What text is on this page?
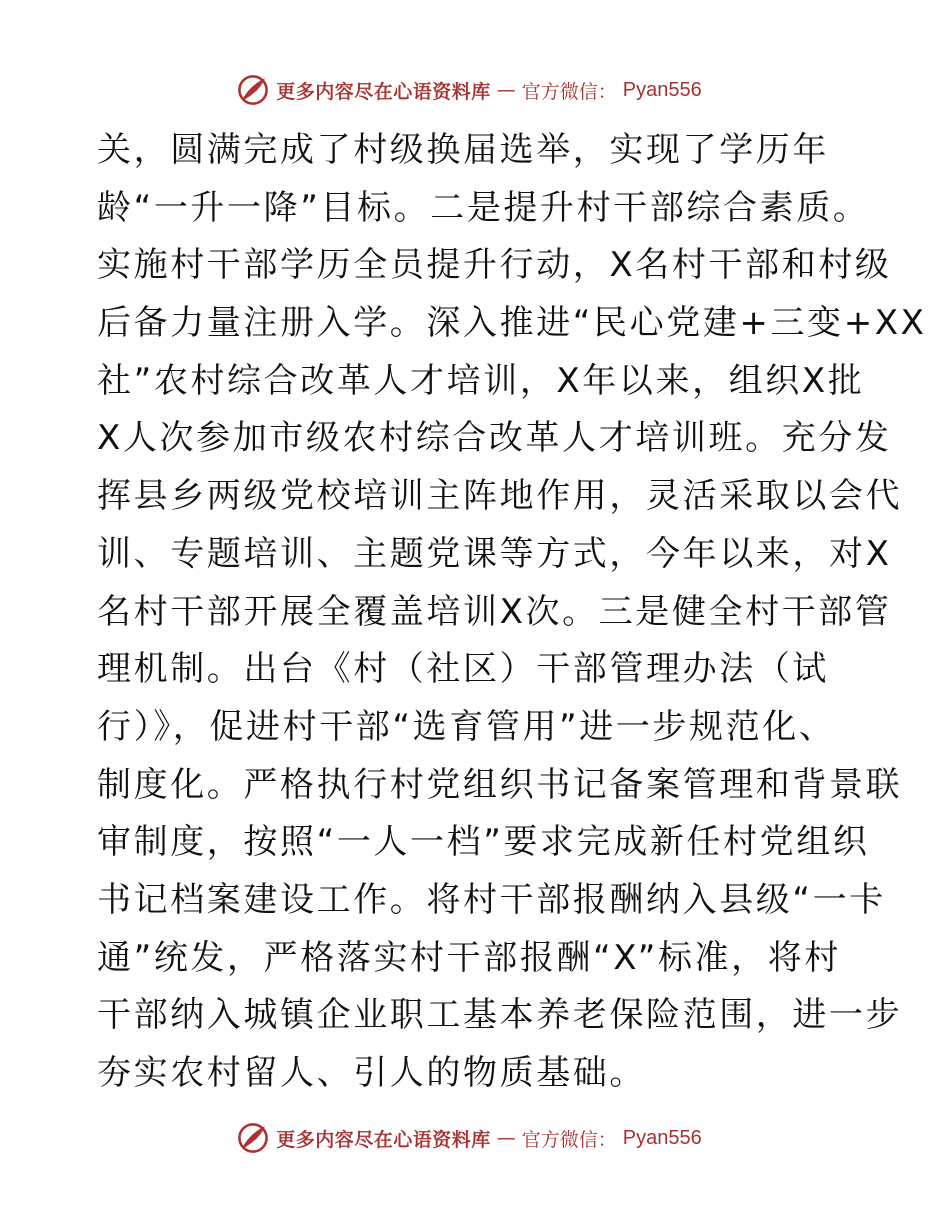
更多内容尽在心语资料库 — 官方微信： Pyan556
关，圆满完成了村级换届选举，实现了学历年
龄“一升一降”目标。二是提升村干部综合素质。
实施村干部学历全员提升行动，X名村干部和村级
后备力量注册入学。深入推进“民心党建+三变+XX
社”农村综合改革人才培训，X年以来，组织X批
X人次参加市级农村综合改革人才培训班。充分发
挥县乡两级党校培训主阵地作用，灵活采取以会代
训、专题培训、主题党课等方式，今年以来，对X
名村干部开展全覆盖培训X次。三是健全村干部管
理机制。出台《村（社区）干部管理办法（试
行）》，促进村干部“选育管用”进一步规范化、
制度化。严格执行村党组织书记备案管理和背景联
审制度，按照“一人一档”要求完成新任村党组织
书记档案建设工作。将村干部报酬纳入县级“一卡
通”统发，严格落实村干部报酬“X”标准，将村
干部纳入城镇企业职工基本养老保险范围，进一步
夯实农村留人、引人的物质基础。
更多内容尽在心语资料库 — 官方微信： Pyan556
